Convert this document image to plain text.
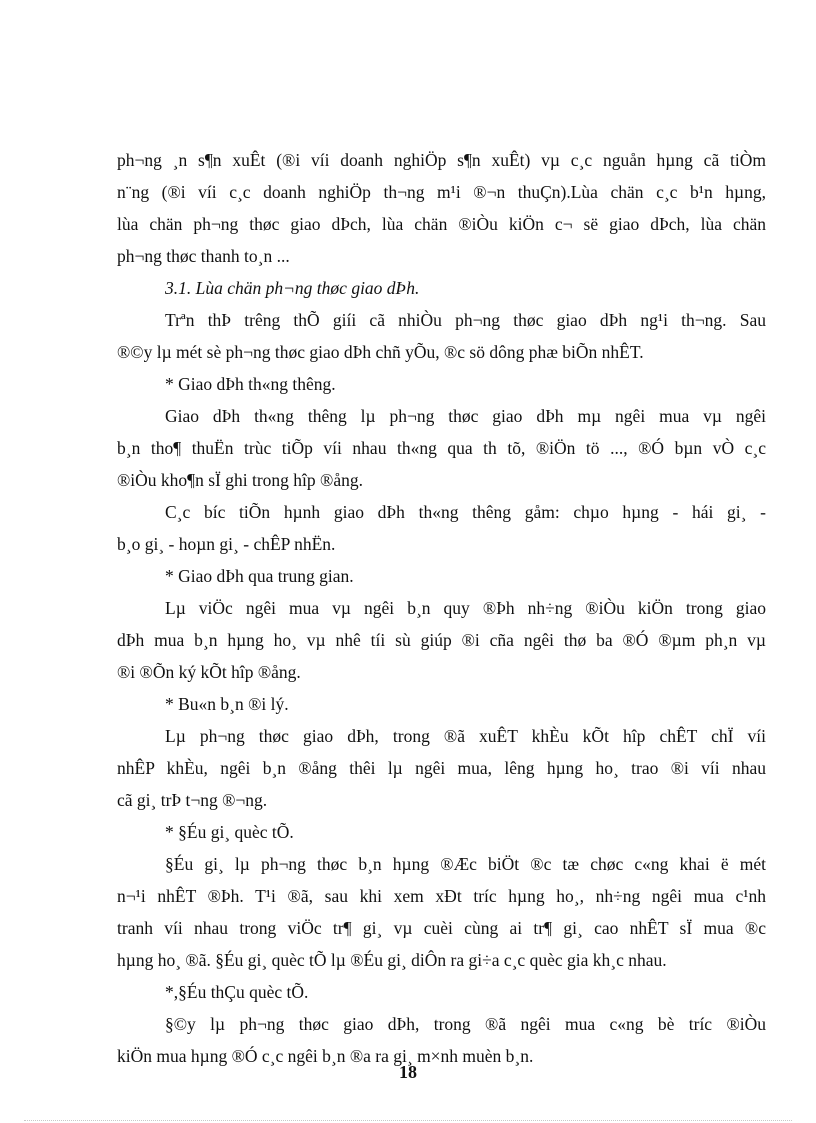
ph¬ng ¸n s¶n xuÊt (®i víi doanh nghiÖp s¶n xuÊt) vµ c¸c nguån hµng cã tiÒm
n¨ng (®i víi c¸c doanh nghiÖp th¬ng m¹i ®¬n thuÇn).Lùa chän c¸c b¹n hµng,
lùa chän ph¬ng thøc giao dÞch, lùa chän ®iÒu kiÖn c¬ së giao dÞch, lùa chän
ph¬ng thøc thanh to¸n ...
3.1. Lùa chän ph¬ng thøc giao dÞh.
Trªn thÞ trêng thÕ giíi cã nhiÒu ph¬ng thøc giao dÞh ng¹i th¬ng. Sau
®©y lµ mét sè ph¬ng thøc giao dÞh chñ yÕu, ®c sö dông phæ biÕn nhÊT.
* Giao dÞh th«ng thêng.
Giao dÞh th«ng thêng lµ ph¬ng thøc giao dÞh mµ ngêi mua vµ ngêi
b¸n tho¶ thuËn trùc tiÕp víi nhau th«ng qua th tõ, ®iÖn tö ..., ®Ó bµn vÒ c¸c
®iÒu kho¶n sÏ ghi trong hîp ®ång.
C¸c bíc tiÕn hµnh giao dÞh th«ng thêng gåm: chµo hµng - hái gi¸ -
b¸o gi¸ - hoµn gi¸ - chÊP nhËn.
* Giao dÞh qua trung gian.
Lµ viÖc ngêi mua vµ ngêi b¸n quy ®Þh nh÷ng ®iÒu kiÖn trong giao
dÞh mua b¸n hµng ho¸ vµ nhê tíi sù giúp ®i cña ngêi thø ba ®Ó ®µm ph¸n vµ
®i ®Õn ký kÕt hîp ®ång.
* Bu«n b¸n ®i lý.
Lµ ph¬ng thøc giao dÞh, trong ®ã xuÊT khÈu kÕt hîp chÊT chÏ víi
nhÊP khÈu, ngêi b¸n ®ång thêi lµ ngêi mua, lêng hµng ho¸ trao ®i víi nhau
cã gi¸ trÞ t¬ng ®¬ng.
* §Éu gi¸ quèc tÕ.
§Éu gi¸ lµ ph¬ng thøc b¸n hµng ®Æc biÖt ®c tæ chøc c«ng khai ë mét
n¬¹i nhÊT ®Þh. T¹i ®ã, sau khi xem xÐt tríc hµng ho¸, nh÷ng ngêi mua c¹nh
tranh víi nhau trong viÖc tr¶ gi¸ vµ cuèi cùng ai tr¶ gi¸ cao nhÊT sÏ mua ®c
hµng ho¸ ®ã. §Éu gi¸ quèc tÕ lµ ®Éu gi¸ diÔn ra gi÷a c¸c quèc gia kh¸c nhau.
*,§Éu thÇu quèc tÕ.
§©y lµ ph¬ng thøc giao dÞh, trong ®ã ngêi mua c«ng bè tríc ®iÒu
kiÖn mua hµng ®Ó c¸c ngêi b¸n ®a ra gi¸ m×nh muèn b¸n.
18
